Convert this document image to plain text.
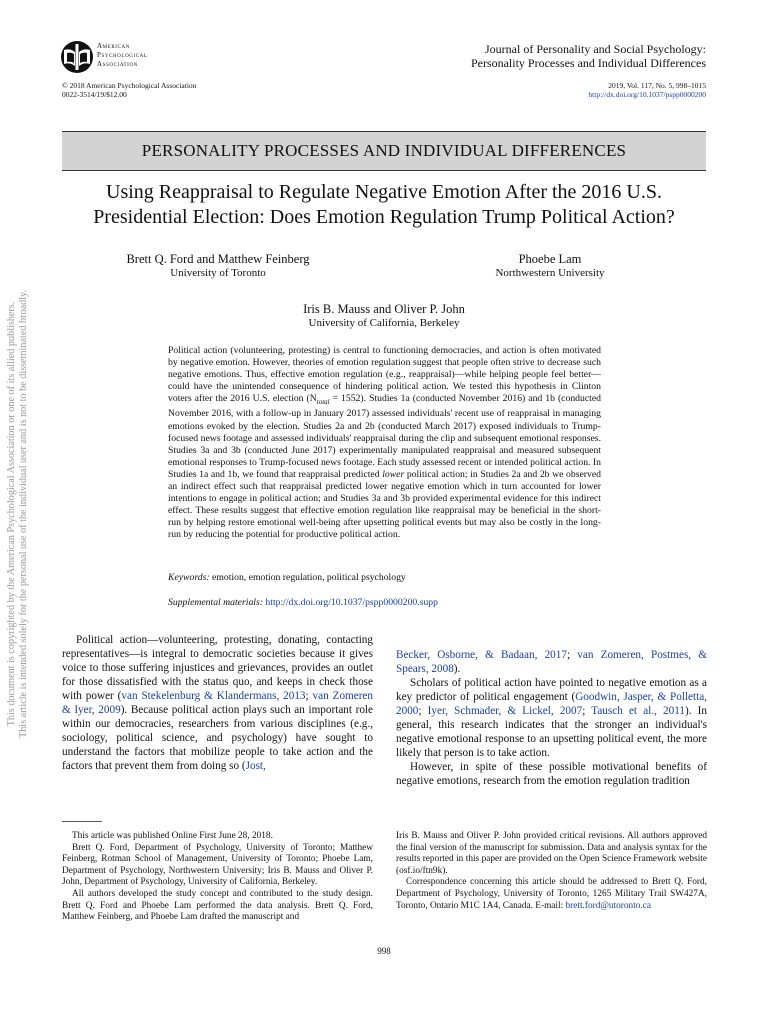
American
Psychological
Association
Journal of Personality and Social Psychology:
Personality Processes and Individual Differences
© 2018 American Psychological Association
0022-3514/19/$12.00
2019, Vol. 117, No. 5, 998–1015
http://dx.doi.org/10.1037/pspp0000200
PERSONALITY PROCESSES AND INDIVIDUAL DIFFERENCES
Using Reappraisal to Regulate Negative Emotion After the 2016 U.S.
Presidential Election: Does Emotion Regulation Trump Political Action?
Brett Q. Ford and Matthew Feinberg
University of Toronto
Phoebe Lam
Northwestern University
Iris B. Mauss and Oliver P. John
University of California, Berkeley
Political action (volunteering, protesting) is central to functioning democracies, and action is often motivated by negative emotion. However, theories of emotion regulation suggest that people often strive to decrease such negative emotions. Thus, effective emotion regulation (e.g., reappraisal)—while helping people feel better—could have the unintended consequence of hindering political action. We tested this hypothesis in Clinton voters after the 2016 U.S. election $(N_{total} = 1552)$. Studies 1a (conducted November 2016) and 1b (conducted November 2016, with a follow-up in January 2017) assessed individuals' recent use of reappraisal in managing emotions evoked by the election. Studies 2a and 2b (conducted March 2017) exposed individuals to Trump-focused news footage and assessed individuals' reappraisal during the clip and subsequent emotional responses. Studies 3a and 3b (conducted June 2017) experimentally manipulated reappraisal and measured subsequent emotional responses to Trump-focused news footage. Each study assessed recent or intended political action. In Studies 1a and 1b, we found that reappraisal predicted lower political action; in Studies 2a and 2b we observed an indirect effect such that reappraisal predicted lower negative emotion which in turn accounted for lower intentions to engage in political action; and Studies 3a and 3b provided experimental evidence for this indirect effect. These results suggest that effective emotion regulation like reappraisal may be beneficial in the short-run by helping restore emotional well-being after upsetting political events but may also be costly in the long-run by reducing the potential for productive political action.
Keywords: emotion, emotion regulation, political psychology
Supplemental materials: http://dx.doi.org/10.1037/pspp0000200.supp
This document is copyrighted by the American Psychological Association or one of its allied publishers. This article is intended solely for the personal use of the individual user and is not to be disseminated broadly.	Political action—volunteering, protesting, donating, contacting representatives—is integral to democratic societies because it gives voice to those suffering injustices and grievances, provides an outlet for those dissatisfied with the status quo, and keeps in check those with power (van Stekelenburg & Klandermans, 2013; van Zomeren & Iyer, 2009). Because political action plays such an important role within our democracies, researchers from various disciplines (e.g., sociology, political science, and psychology) have sought to understand the factors that mobilize people to take action and the factors that prevent them from doing so (Jost,

Becker, Osborne, & Badaan, 2017; van Zomeren, Postmes, & Spears, 2008).

Scholars of political action have pointed to negative emotion as a key predictor of political engagement (Goodwin, Jasper, & Polletta, 2000; Iyer, Schmader, & Lickel, 2007; Tausch et al., 2011). In general, this research indicates that the stronger an individual's negative emotional response to an upsetting political event, the more likely that person is to take action.

However, in spite of these possible motivational benefits of negative emotions, research from the emotion regulation tradition

This article was published Online First June 28, 2018.

Brett Q. Ford, Department of Psychology, University of Toronto; Matthew Feinberg, Rotman School of Management, University of Toronto; Phoebe Lam, Department of Psychology, Northwestern University; Iris B. Mauss and Oliver P. John, Department of Psychology, University of California, Berkeley.

All authors developed the study concept and contributed to the study design. Brett Q. Ford and Phoebe Lam performed the data analysis. Brett Q. Ford, Matthew Feinberg, and Phoebe Lam drafted the manuscript and

Iris B. Mauss and Oliver P. John provided critical revisions. All authors approved the final version of the manuscript for submission. Data and analysis syntax for the results reported in this paper are provided on the Open Science Framework website (osf.io/ftn9k).

Correspondence concerning this article should be addressed to Brett Q. Ford, Department of Psychology, University of Toronto, 1265 Military Trail SW427A, Toronto, Ontario M1C 1A4, Canada. E-mail: brett.ford@utoronto.ca

998
